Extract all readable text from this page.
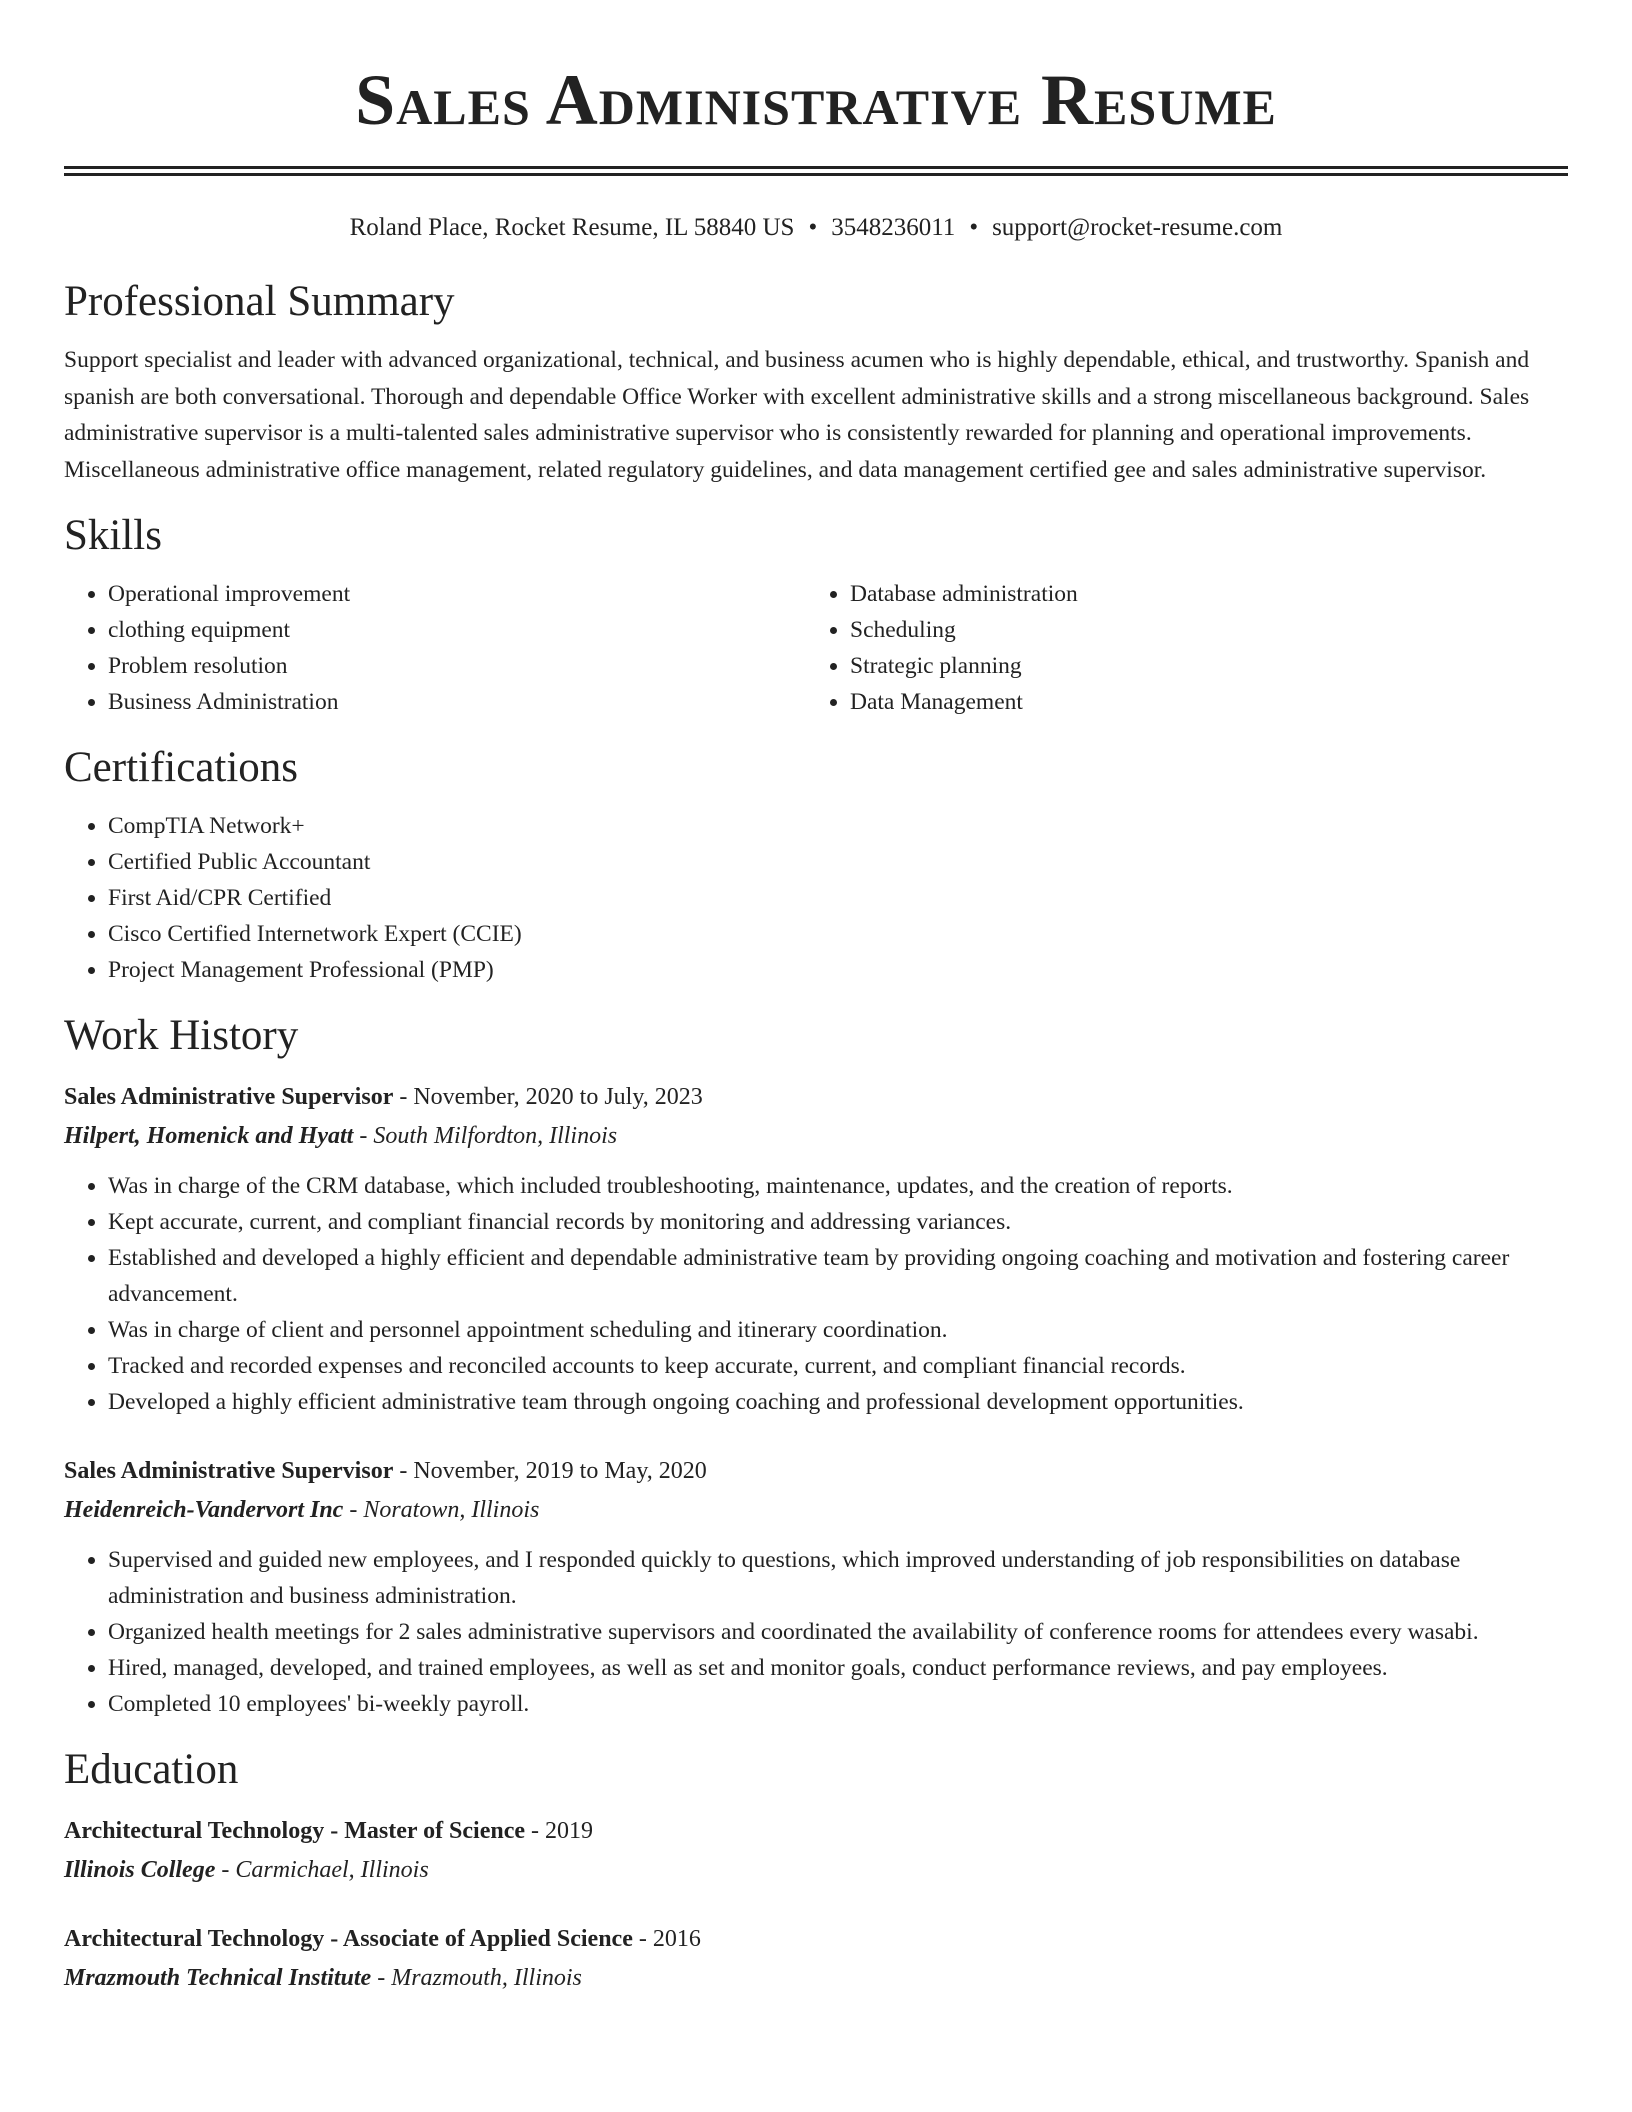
Sales Administrative Resume
Roland Place, Rocket Resume, IL 58840 US • 3548236011 • support@rocket-resume.com
Professional Summary

Support specialist and leader with advanced organizational, technical, and business acumen who is highly dependable, ethical, and trustworthy. Spanish and spanish are both conversational. Thorough and dependable Office Worker with excellent administrative skills and a strong miscellaneous background. Sales administrative supervisor is a multi-talented sales administrative supervisor who is consistently rewarded for planning and operational improvements. Miscellaneous administrative office management, related regulatory guidelines, and data management certified gee and sales administrative supervisor.

Skills
• Operational improvement
• clothing equipment
• Problem resolution
• Business Administration
• Database administration
• Scheduling
• Strategic planning
• Data Management
Certifications
• CompTIA Network+
• Certified Public Accountant
• First Aid/CPR Certified
• Cisco Certified Internetwork Expert (CCIE)
• Project Management Professional (PMP)
Work History
Sales Administrative Supervisor - November, 2020 to July, 2023
Hilpert, Homenick and Hyatt - South Milfordton, Illinois
• Was in charge of the CRM database, which included troubleshooting, maintenance, updates, and the creation of reports.
• Kept accurate, current, and compliant financial records by monitoring and addressing variances.
• Established and developed a highly efficient and dependable administrative team by providing ongoing coaching and motivation and fostering career advancement.
• Was in charge of client and personnel appointment scheduling and itinerary coordination.
• Tracked and recorded expenses and reconciled accounts to keep accurate, current, and compliant financial records.
• Developed a highly efficient administrative team through ongoing coaching and professional development opportunities.
Sales Administrative Supervisor - November, 2019 to May, 2020
Heidenreich-Vandervort Inc - Noratown, Illinois
• Supervised and guided new employees, and I responded quickly to questions, which improved understanding of job responsibilities on database administration and business administration.
• Organized health meetings for 2 sales administrative supervisors and coordinated the availability of conference rooms for attendees every wasabi.
• Hired, managed, developed, and trained employees, as well as set and monitor goals, conduct performance reviews, and pay employees.
• Completed 10 employees' bi-weekly payroll.
Education
Architectural Technology - Master of Science - 2019
Illinois College - Carmichael, Illinois
Architectural Technology - Associate of Applied Science - 2016
Mrazmouth Technical Institute - Mrazmouth, Illinois
